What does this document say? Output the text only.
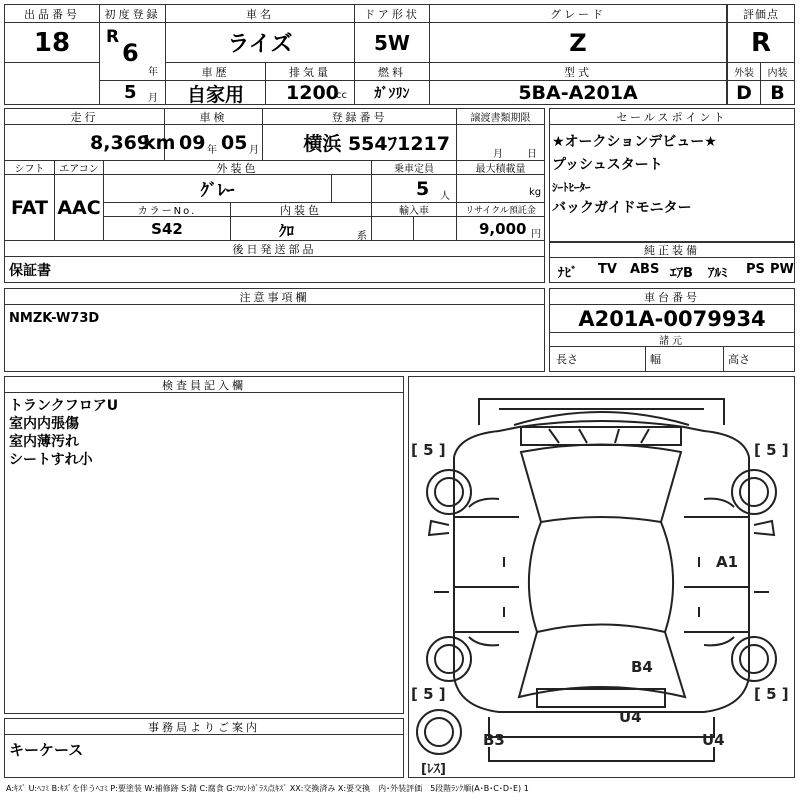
出品番号
18
初度登録
R
6
年
5 月
車名
ライズ
ドア形状
5W
グレード
Z
評価点
R
車歴
自家用
排気量
1200
cc
燃料
ｶﾞｿﾘﾝ
型式
5BA-A201A
外装	内装
D B
走行
8,369
km
車検
09 年 05 月
登録番号
横浜 554ﾌ1217
譲渡書類期限
月 日
シフト	エアコン
FAT AAC
外装色
ｸﾞﾚｰ
乗車定員
5 人
最大積載量
kg
カラーNo.
S42
内装色
ｸﾛ	系
輸入車	リサイクル預託金
9,000 円
後日発送部品
保証書
セールスポイント
★オークションデビュー★
プッシュスタート
ｼｰﾄﾋｰﾀｰ
バックガイドモニター
純正装備
ﾅﾋﾞ TV ABS ｴｱB ｱﾙﾐ PS PW
注意事項欄
NMZK-W73D
車台番号
A201A-0079934
諸元
長さ	幅	高さ
検査員記入欄
トランクフロアU
室内内張傷
室内薄汚れ
シートすれ小
事務局よりご案内
キーケース
[ 5 ]	[ 5 ]
[ 5 ]	[ 5 ]
[ﾚｽ]
A1
B4
U4
B3	U4
A:ｷｽﾞ U:ﾍｺﾐ B:ｷｽﾞを伴うﾍｺﾐ P:要塗装 W:補修跡 S:錆 C:腐食 G:ﾌﾛﾝﾄｶﾞﾗｽ点ｷｽﾞ XX:交換済み X:要交換　内･外装評価　5段階ﾗﾝｸ順(A･B･C･D･E) 1
